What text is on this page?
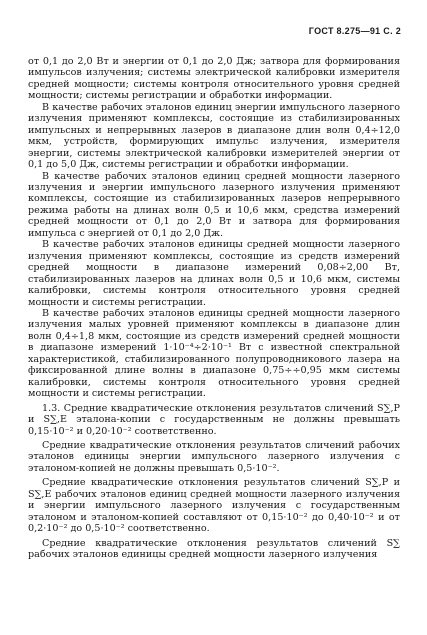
ГОСТ 8.275—91 С. 2

от 0,1 до 2,0 Вт и энергии от 0,1 до 2,0 Дж; затвора для формирования импульсов излучения; системы электрической калибровки измерителя средней мощности; системы контроля относительного уровня средней мощности; системы регистрации и обработки информации.

В качестве рабочих эталонов единиц энергии импульсного лазерного излучения применяют комплексы, состоящие из стабилизированных импульсных и непрерывных лазеров в диапазоне длин волн 0,4÷12,0 мкм, устройств, формирующих импульс излучения, измерителя энергии, системы электрической калибровки измерителей энергии от 0,1 до 5,0 Дж, системы регистрации и обработки информации.

В качестве рабочих эталонов единиц средней мощности лазерного излучения и энергии импульсного лазерного излучения применяют комплексы, состоящие из стабилизированных лазеров непрерывного режима работы на длинах волн 0,5 и 10,6 мкм, средства измерений средней мощности от 0,1 до 2,0 Вт и затвора для формирования импульса с энергией от 0,1 до 2,0 Дж.

В качестве рабочих эталонов единицы средней мощности лазерного излучения применяют комплексы, состоящие из средств измерений средней мощности в диапазоне измерений 0,08÷2,00 Вт, стабилизированных лазеров на длинах волн 0,5 и 10,6 мкм, системы калибровки, системы контроля относительного уровня средней мощности и системы регистрации.

В качестве рабочих эталонов единицы средней мощности лазерного излучения малых уровней применяют комплексы в диапазоне длин волн 0,4÷1,8 мкм, состоящие из средств измерений средней мощности в диапазоне измерений 1·10⁻⁴÷2·10⁻¹ Вт с известной спектральной характеристикой, стабилизированного полупроводникового лазера на фиксированной длине волны в диапазоне 0,75÷÷0,95 мкм системы калибровки, системы контроля относительного уровня средней мощности и системы регистрации.

1.3. Средние квадратические отклонения результатов сличений S∑,P и S∑,E эталона-копии с государственным не должны превышать 0,15·10⁻² и 0,20·10⁻² соответственно.

Средние квадратические отклонения результатов сличений рабочих эталонов единицы энергии импульсного лазерного излучения с эталоном-копией не должны превышать 0,5·10⁻².

Средние квадратические отклонения результатов сличений S∑,P и S∑,E рабочих эталонов единиц средней мощности лазерного излучения и энергии импульсного лазерного излучения с государственным эталоном и эталоном-копией составляют от 0,15·10⁻² до 0,40·10⁻² и от 0,2·10⁻² до 0,5·10⁻² соответственно.

Средние квадратические отклонения результатов сличений S∑ рабочих эталонов единицы средней мощности лазерного излучения
